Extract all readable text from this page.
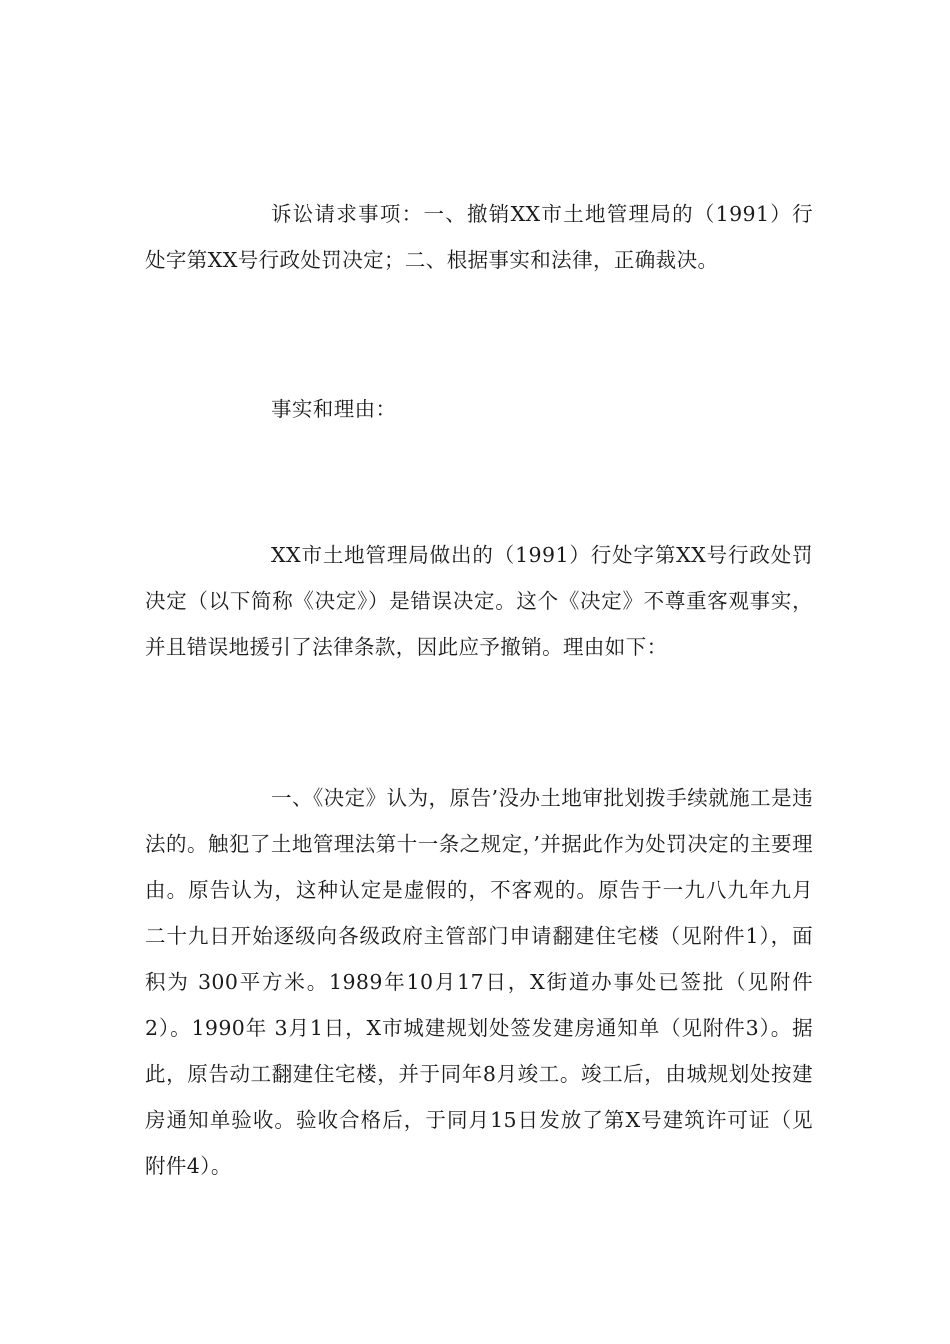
诉讼请求事项：一、撤销XX市土地管理局的（1991）行处字第XX号行政处罚决定；二、根据事实和法律，正确裁决。

事实和理由：

XX市土地管理局做出的（1991）行处字第XX号行政处罚决定（以下简称《决定》）是错误决定。这个《决定》不尊重客观事实，并且错误地援引了法律条款，因此应予撤销。理由如下：

一、《决定》认为，原告’没办土地审批划拨手续就施工是违法的。触犯了土地管理法第十一条之规定，’并据此作为处罚决定的主要理由。原告认为，这种认定是虚假的，不客观的。原告于一九八九年九月二十九日开始逐级向各级政府主管部门申请翻建住宅楼（见附件1），面积为 300平方米。1989年10月17日，X街道办事处已签批（见附件2）。1990年 3月1日，X市城建规划处签发建房通知单（见附件3）。据此，原告动工翻建住宅楼，并于同年8月竣工。竣工后，由城规划处按建房通知单验收。验收合格后，于同月15日发放了第X号建筑许可证（见附件4）。
